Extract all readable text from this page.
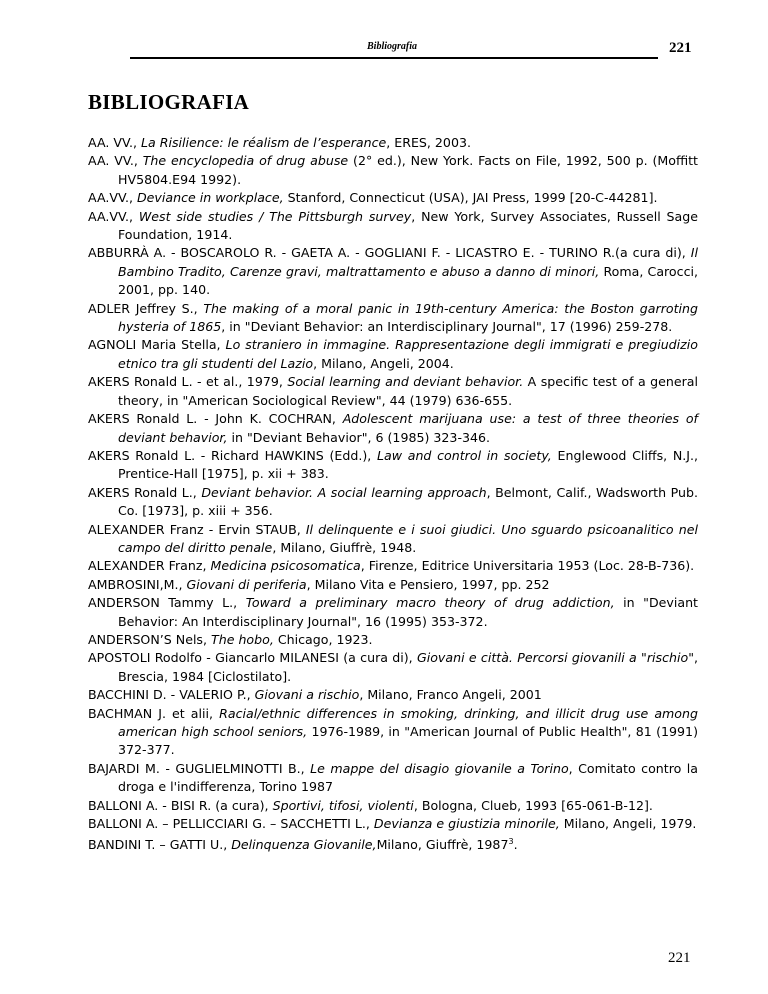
Bibliografia	221
BIBLIOGRAFIA

AA. VV., La Risilience: le réalism de l’esperance, ERES, 2003.

AA. VV., The encyclopedia of drug abuse (2° ed.), New York. Facts on File, 1992, 500 p. (Moffitt HV5804.E94 1992).

AA.VV., Deviance in workplace, Stanford, Connecticut (USA), JAI Press, 1999 [20-C-44281].

AA.VV., West side studies / The Pittsburgh survey, New York, Survey Associates, Russell Sage Foundation, 1914.

ABBURRÀ A. - BOSCAROLO R. - GAETA A. - GOGLIANI F. - LICASTRO E. - TURINO R.(a cura di), Il Bambino Tradito, Carenze gravi, maltrattamento e abuso a danno di minori, Roma, Carocci, 2001, pp. 140.

ADLER Jeffrey S., The making of a moral panic in 19th-century America: the Boston garroting hysteria of 1865, in "Deviant Behavior: an Interdisciplinary Journal", 17 (1996) 259-278.

AGNOLI Maria Stella, Lo straniero in immagine. Rappresentazione degli immigrati e pregiudizio etnico tra gli studenti del Lazio, Milano, Angeli, 2004.

AKERS Ronald L. - et al., 1979, Social learning and deviant behavior. A specific test of a general theory, in "American Sociological Review", 44 (1979) 636-655.

AKERS Ronald L. - John K. COCHRAN, Adolescent marijuana use: a test of three theories of deviant behavior, in "Deviant Behavior", 6 (1985) 323-346.

AKERS Ronald L. - Richard HAWKINS (Edd.), Law and control in society, Englewood Cliffs, N.J., Prentice-Hall [1975], p. xii + 383.

AKERS Ronald L., Deviant behavior. A social learning approach, Belmont, Calif., Wadsworth Pub. Co. [1973], p. xiii + 356.

ALEXANDER Franz - Ervin STAUB, Il delinquente e i suoi giudici. Uno sguardo psicoanalitico nel campo del diritto penale, Milano, Giuffrè, 1948.

ALEXANDER Franz, Medicina psicosomatica, Firenze, Editrice Universitaria 1953 (Loc. 28-B-736).

AMBROSINI,M., Giovani di periferia, Milano Vita e Pensiero, 1997, pp. 252

ANDERSON Tammy L., Toward a preliminary macro theory of drug addiction, in "Deviant Behavior: An Interdisciplinary Journal", 16 (1995) 353-372.

ANDERSON’S Nels, The hobo, Chicago, 1923.

APOSTOLI Rodolfo - Giancarlo MILANESI (a cura di), Giovani e città. Percorsi giovanili a "rischio", Brescia, 1984 [Ciclostilato].

BACCHINI D. - VALERIO P., Giovani a rischio, Milano, Franco Angeli, 2001

BACHMAN J. et alii, Racial/ethnic differences in smoking, drinking, and illicit drug use among american high school seniors, 1976-1989, in "American Journal of Public Health", 81 (1991) 372-377.

BAJARDI M. - GUGLIELMINOTTI B., Le mappe del disagio giovanile a Torino, Comitato contro la droga e l'indifferenza, Torino 1987

BALLONI A. - BISI R. (a cura), Sportivi, tifosi, violenti, Bologna, Clueb, 1993 [65-061-B-12].

BALLONI A. – PELLICCIARI G. – SACCHETTI L., Devianza e giustizia minorile, Milano, Angeli, 1979.

BANDINI T. – GATTI U., Delinquenza Giovanile,Milano, Giuffrè, 1987$^3$.

221
